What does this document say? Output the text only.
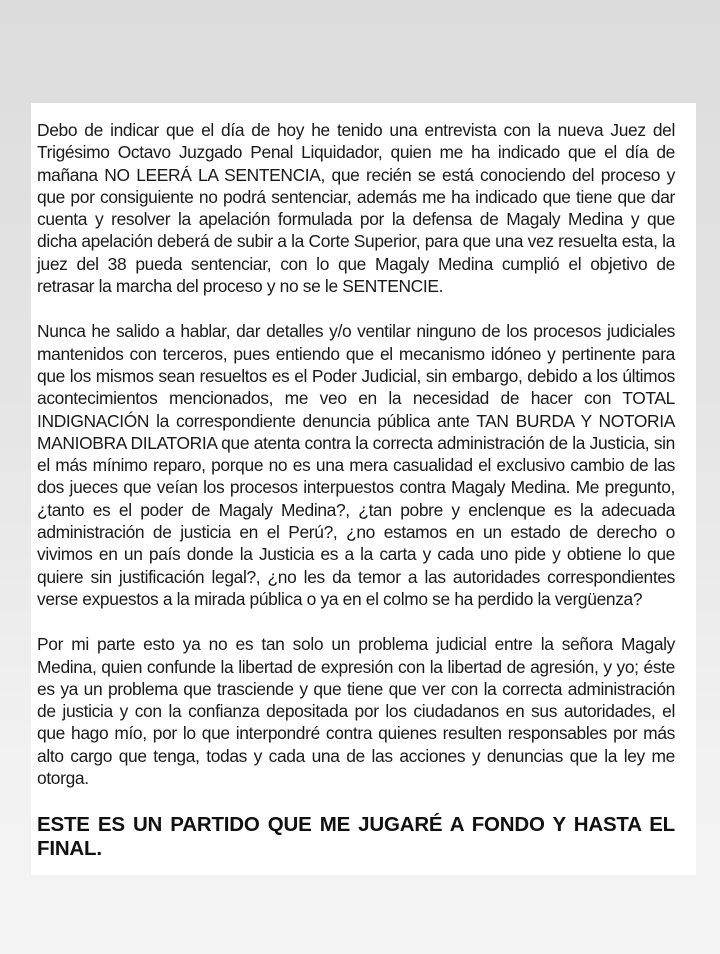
Debo de indicar que el día de hoy he tenido una entrevista con la nueva Juez del Trigésimo Octavo Juzgado Penal Liquidador, quien me ha indicado que el día de mañana NO LEERÁ LA SENTENCIA, que recién se está conociendo del proceso y que por consiguiente no podrá sentenciar, además me ha indicado que tiene que dar cuenta y resolver la apelación formulada por la defensa de Magaly Medina y que dicha apelación deberá de subir a la Corte Superior, para que una vez resuelta esta, la juez del 38 pueda sentenciar, con lo que Magaly Medina cumplió el objetivo de retrasar la marcha del proceso y no se le SENTENCIE.

Nunca he salido a hablar, dar detalles y/o ventilar ninguno de los procesos judiciales mantenidos con terceros, pues entiendo que el mecanismo idóneo y pertinente para que los mismos sean resueltos es el Poder Judicial, sin embargo, debido a los últimos acontecimientos mencionados, me veo en la necesidad de hacer con TOTAL INDIGNACIÓN la correspondiente denuncia pública ante TAN BURDA Y NOTORIA MANIOBRA DILATORIA que atenta contra la correcta administración de la Justicia, sin el más mínimo reparo, porque no es una mera casualidad el exclusivo cambio de las dos jueces que veían los procesos interpuestos contra Magaly Medina. Me pregunto, ¿tanto es el poder de Magaly Medina?, ¿tan pobre y enclenque es la adecuada administración de justicia en el Perú?, ¿no estamos en un estado de derecho o vivimos en un país donde la Justicia es a la carta y cada uno pide y obtiene lo que quiere sin justificación legal?, ¿no les da temor a las autoridades correspondientes verse expuestos a la mirada pública o ya en el colmo se ha perdido la vergüenza?

Por mi parte esto ya no es tan solo un problema judicial entre la señora Magaly Medina, quien confunde la libertad de expresión con la libertad de agresión, y yo; éste es ya un problema que trasciende y que tiene que ver con la correcta administración de justicia y con la confianza depositada por los ciudadanos en sus autoridades, el que hago mío, por lo que interpondré contra quienes resulten responsables por más alto cargo que tenga, todas y cada una de las acciones y denuncias que la ley me otorga.

ESTE ES UN PARTIDO QUE ME JUGARÉ A FONDO Y HASTA EL FINAL.
